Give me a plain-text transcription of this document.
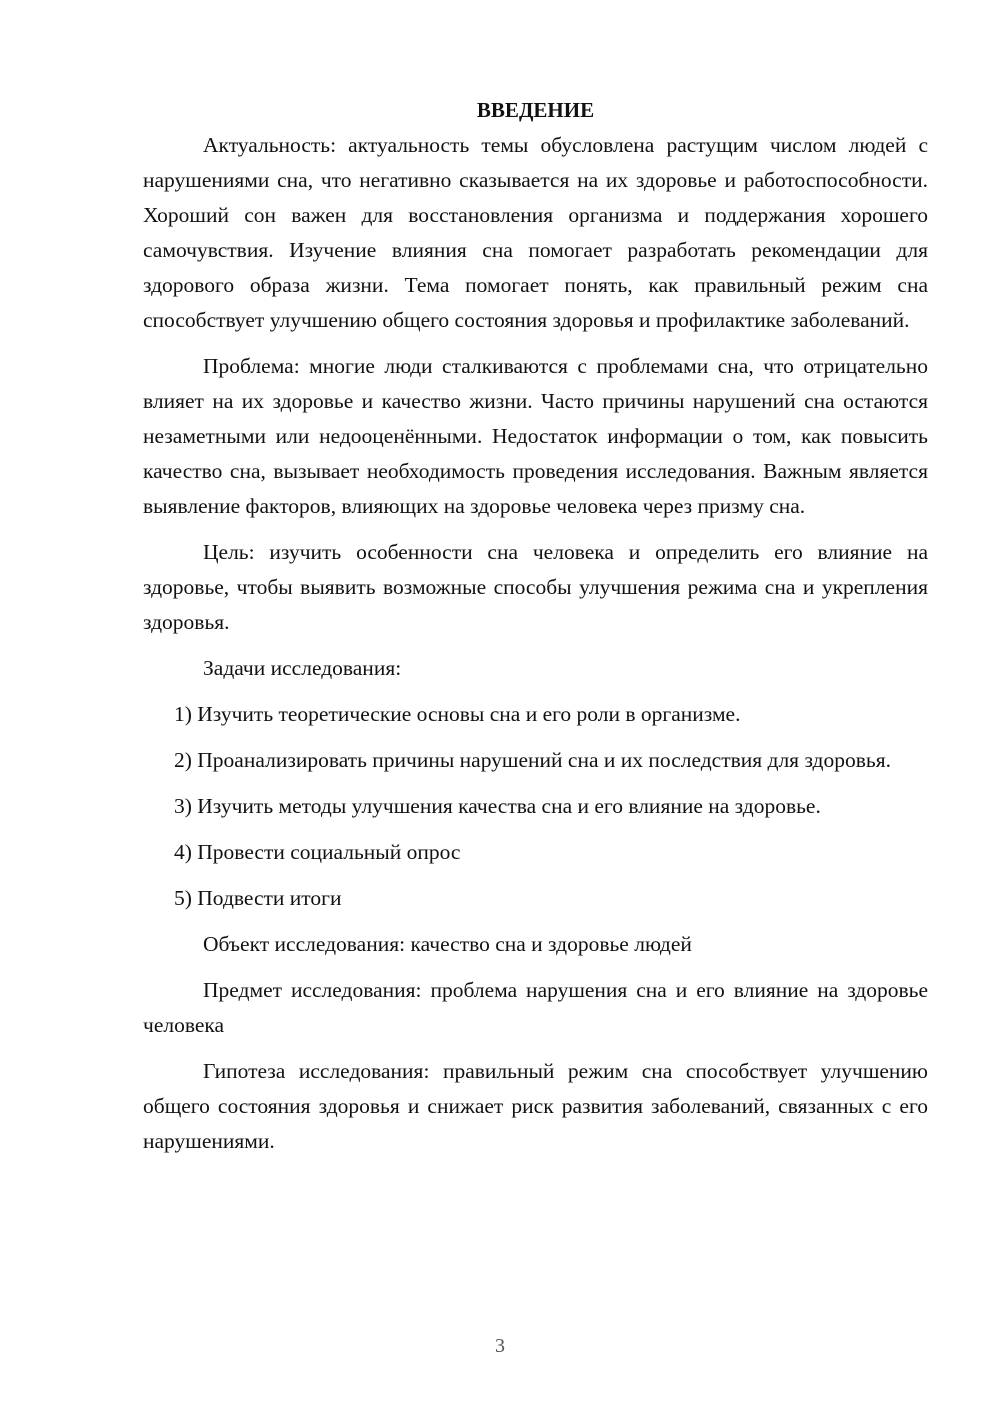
ВВЕДЕНИЕ

Актуальность: актуальность темы обусловлена растущим числом людей с нарушениями сна, что негативно сказывается на их здоровье и работоспособности. Хороший сон важен для восстановления организма и поддержания хорошего самочувствия. Изучение влияния сна помогает разработать рекомендации для здорового образа жизни. Тема помогает понять, как правильный режим сна способствует улучшению общего состояния здоровья и профилактике заболеваний.

Проблема: многие люди сталкиваются с проблемами сна, что отрицательно влияет на их здоровье и качество жизни. Часто причины нарушений сна остаются незаметными или недооценёнными. Недостаток информации о том, как повысить качество сна, вызывает необходимость проведения исследования. Важным является выявление факторов, влияющих на здоровье человека через призму сна.

Цель: изучить особенности сна человека и определить его влияние на здоровье, чтобы выявить возможные способы улучшения режима сна и укрепления здоровья.

Задачи исследования:

1) Изучить теоретические основы сна и его роли в организме.

2) Проанализировать причины нарушений сна и их последствия для здоровья.

3) Изучить методы улучшения качества сна и его влияние на здоровье.

4) Провести социальный опрос

5) Подвести итоги

Объект исследования: качество сна и здоровье людей

Предмет исследования: проблема нарушения сна и его влияние на здоровье человека

Гипотеза исследования: правильный режим сна способствует улучшению общего состояния здоровья и снижает риск развития заболеваний, связанных с его нарушениями.

3
